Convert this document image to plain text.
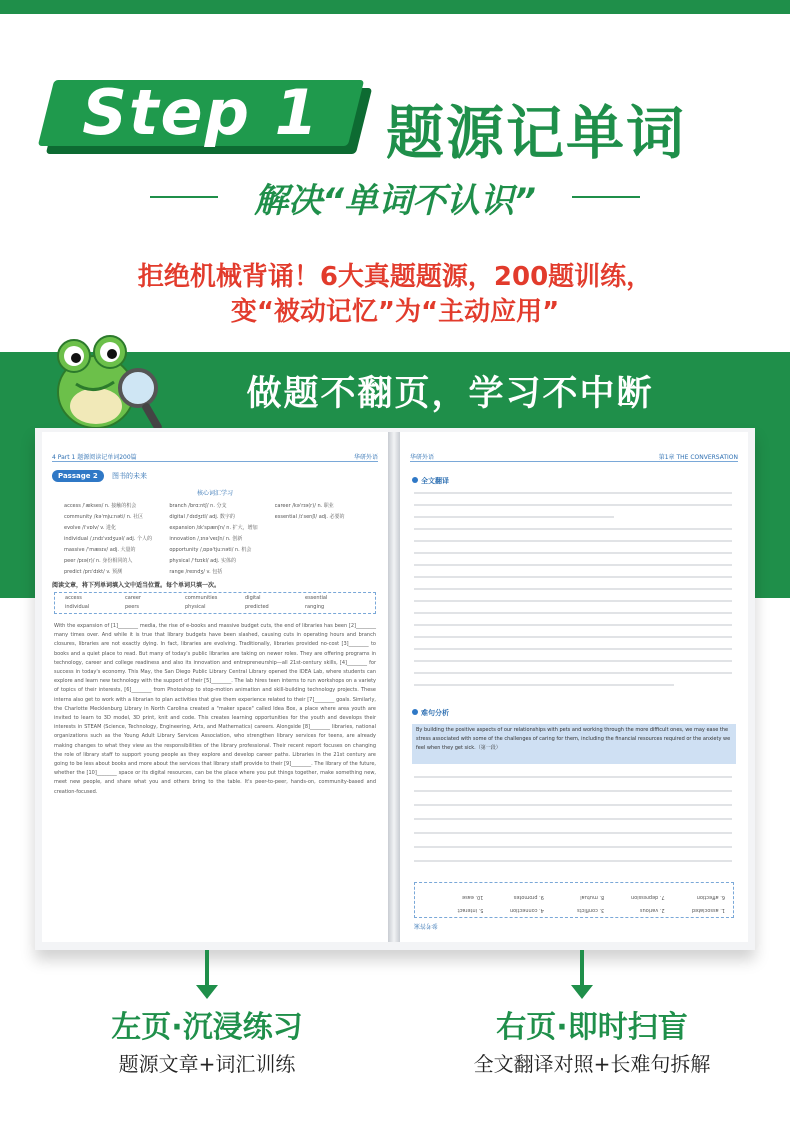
Step 1	题源记单词
解决“单词不认识”
拒绝机械背诵！6大真题题源，200题训练，
变“被动记忆”为“主动应用”
做题不翻页，学习不中断
4 Part 1 题源阅读记单词200篇	华研外语
Passage 2	图书的未来
核心词汇学习
access /ˈækses/ n. 接触的机会	branch /brɑːntʃ/ n. 分支	career /kəˈrɪə(r)/ n. 职业
community /kəˈmjuːnəti/ n. 社区	digital /ˈdɪdʒɪtl/ adj. 数字的	essential /ɪˈsenʃl/ adj. 必要的
evolve /iˈvɒlv/ v. 进化	expansion /ɪkˈspænʃn/ n. 扩大，增加
individual /ˌɪndɪˈvɪdʒuəl/ adj. 个人的	innovation /ˌɪnəˈveɪʃn/ n. 创新
massive /ˈmæsɪv/ adj. 大量的	opportunity /ˌɒpəˈtjuːnəti/ n. 机会
peer /pɪə(r)/ n. 身份相同的人	physical /ˈfɪzɪkl/ adj. 实体的
predict /prɪˈdɪkt/ v. 预测	range /reɪndʒ/ v. 包括
阅读文章，将下列单词填入文中适当位置。每个单词只填一次。
access	career	communities	digital	essential
individual	peers	physical	predicted	ranging
With the expansion of [1]________ media, the rise of e-books and massive budget cuts, the end of libraries has been [2]________ many times over. And while it is true that library budgets have been slashed, causing cuts in operating hours and branch closures, libraries are not exactly dying. In fact, libraries are evolving. Traditionally, libraries provided no-cost [3]________ to books and a quiet place to read. But many of today's public libraries are taking on newer roles. They are offering programs in technology, career and college readiness and also its innovation and entrepreneurship—all 21st-century skills, [4]________ for success in today's economy. This May, the San Diego Public Library Central Library opened the IDEA Lab, where students can explore and learn new technology with the support of their [5]________. The lab hires teen interns to run workshops on a variety of topics of their interests, [6]________ from Photoshop to stop-motion animation and skill-building technology projects. These interns also get to work with a librarian to plan activities that give them experience related to their [7]________ goals. Similarly, the Charlotte Mecklenburg Library in North Carolina created a "maker space" called Idea Box, a place where area youth are invited to learn to 3D model, 3D print, knit and code. This creates learning opportunities for the youth and develops their interests in STEAM (Science, Technology, Engineering, Arts, and Mathematics) careers. Alongside [8]________ libraries, national organizations such as the Young Adult Library Services Association, who strengthen library services for teens, are already making changes to what they view as the responsibilities of the library professional. Their recent report focuses on changing the role of library staff to support young people as they explore and develop career paths. Libraries in the 21st century are going to be less about books and more about the services that library staff provide to their [9]________. The library of the future, whether the [10]________ space or its digital resources, can be the place where you put things together, make something new, meet new people, and share what you and others bring to the table. It's peer-to-peer, hands-on, community-based and creation-focused.
华研外语	第1章 THE CONVERSATION
全文翻译
难句分析
By building the positive aspects of our relationships with pets and working through the more difficult ones, we may ease the stress associated with some of the challenges of caring for them, including the financial resources required or the anxiety we feel when they get sick.（第一段）
1. associated
2. various
3. conflicts
4. connection
5. interact
6. affection
7. depression
8. mutual
9. promotes
10. ease
参考答案
左页·沉浸练习
题源文章+词汇训练
右页·即时扫盲
全文翻译对照+长难句拆解
